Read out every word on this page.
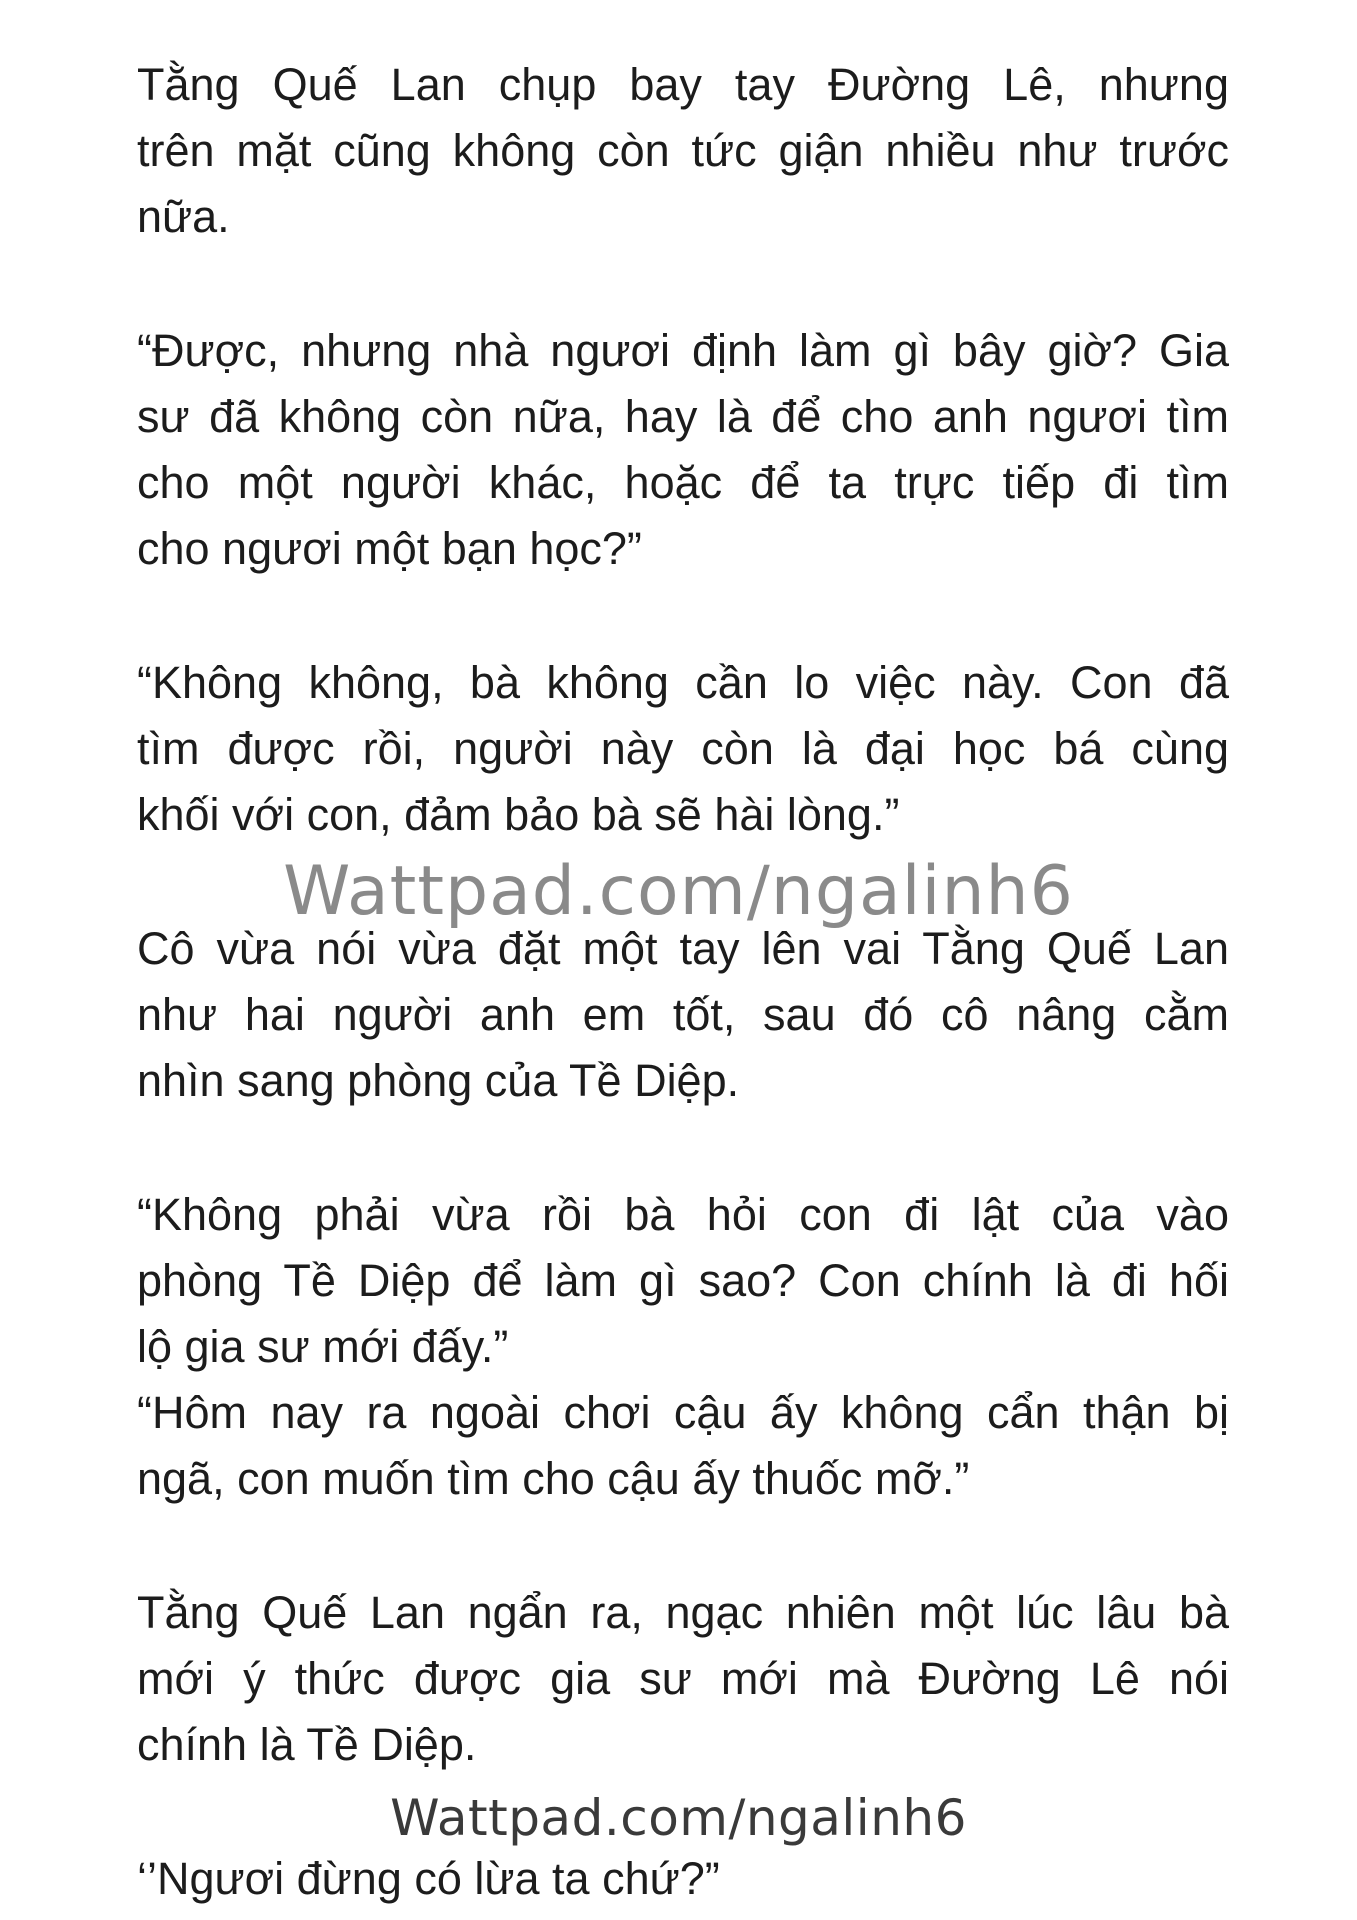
Tằng Quế Lan chụp bay tay Đường Lê, nhưng
trên mặt cũng không còn tức giận nhiều như trước
nữa.
“Được, nhưng nhà ngươi định làm gì bây giờ? Gia
sư đã không còn nữa, hay là để cho anh ngươi tìm
cho một người khác, hoặc để ta trực tiếp đi tìm
cho ngươi một bạn học?”
“Không không, bà không cần lo việc này. Con đã
tìm được rồi, người này còn là đại học bá cùng
khối với con, đảm bảo bà sẽ hài lòng.”
Wattpad.com/ngalinh6
Cô vừa nói vừa đặt một tay lên vai Tằng Quế Lan
như hai người anh em tốt, sau đó cô nâng cằm
nhìn sang phòng của Tề Diệp.
“Không phải vừa rồi bà hỏi con đi lật của vào
phòng Tề Diệp để làm gì sao? Con chính là đi hối
lộ gia sư mới đấy.”
“Hôm nay ra ngoài chơi cậu ấy không cẩn thận bị
ngã, con muốn tìm cho cậu ấy thuốc mỡ.”
Tằng Quế Lan ngẩn ra, ngạc nhiên một lúc lâu bà
mới ý thức được gia sư mới mà Đường Lê nói
chính là Tề Diệp.
Wattpad.com/ngalinh6
‘’Ngươi đừng có lừa ta chứ?”
